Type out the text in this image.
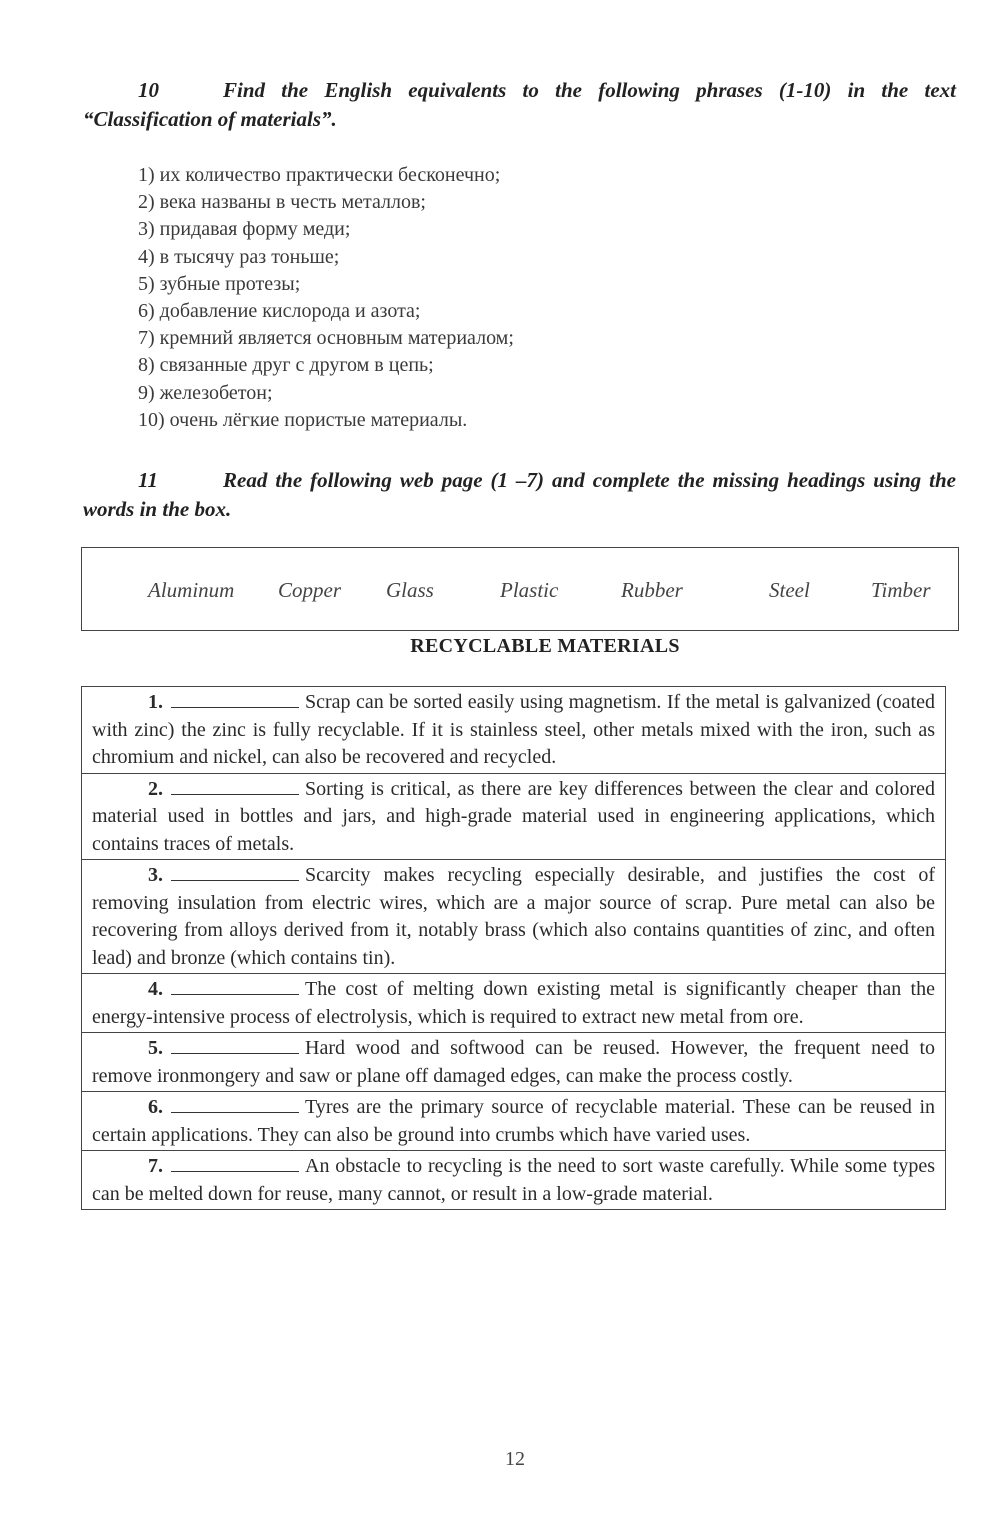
10	Find the English equivalents to the following phrases (1-10) in the text “Classification of materials”.
1) их количество практически бесконечно;
2) века названы в честь металлов;
3) придавая форму меди;
4) в тысячу раз тоньше;
5) зубные протезы;
6) добавление кислорода и азота;
7) кремний является основным материалом;
8) связанные друг с другом в цепь;
9) железобетон;
10) очень лёгкие пористые материалы.
11	Read the following web page (1 –7) and complete the missing headings using the words in the box.
Aluminum Copper Glass	Plastic	Rubber	Steel	Timber
RECYCLABLE MATERIALS
1.	Scrap can be sorted easily using magnetism. If the metal is galvanized (coated with zinc) the zinc is fully recyclable. If it is stainless steel, other metals mixed with the iron, such as chromium and nickel, can also be recovered and recycled.
2.	Sorting is critical, as there are key differences between the clear and colored material used in bottles and jars, and high-grade material used in engineering applications, which contains traces of metals.
3.	Scarcity makes recycling especially desirable, and justifies the cost of removing insulation from electric wires, which are a major source of scrap. Pure metal can also be recovering from alloys derived from it, notably brass (which also contains quantities of zinc, and often lead) and bronze (which contains tin).
4.	The cost of melting down existing metal is significantly cheaper than the energy-intensive process of electrolysis, which is required to extract new metal from ore.
5.	Hard wood and softwood can be reused. However, the frequent need to remove ironmongery and saw or plane off damaged edges, can make the process costly.
6.	Tyres are the primary source of recyclable material. These can be reused in certain applications. They can also be ground into crumbs which have varied uses.
7.	An obstacle to recycling is the need to sort waste carefully. While some types can be melted down for reuse, many cannot, or result in a low-grade material.
12
